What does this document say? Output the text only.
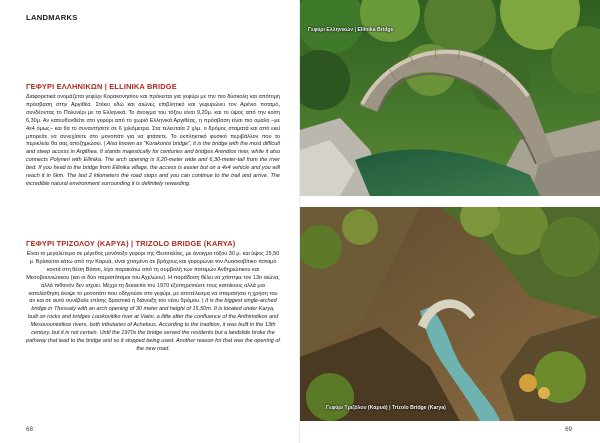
LANDMARKS
ΓΕΦΥΡΙ ΕΛΛΗΝΙΚΩΝ | ELLINIKA BRIDGE

Διαφορετικά ονομάζεται γεφύρι Κορακονησίου και πρόκειται για γεφύρι με την πιο δύσκολη και απότομη πρόσβαση στην Αργιθέα. Στέκει εδώ και αιώνες επιβλητικό και γεφυρώνει τον Αρένιο ποταμό, συνδέοντας το Πολυνέρι με τα Ελληνικά. Το άνοιγμα του τόξου είναι 9,20μ. και το ύψος από την κοίτη 6,30μ. Αν κατευθυνθείτε στο γεφύρι από το χωριό Ελληνικά Αργιθέας, η πρόσβαση είναι πιο ομαλή –με 4x4 όμως– και θα το συναντήσετε σε 6 χιλιόμετρα. Στα τελευταία 2 χλμ. ο δρόμος σταματά και από εκεί μπορείτε να συνεχίσετε στο μονοπάτι για να φτάσετε. Το εκπληκτικό φυσικό περιβάλλον που το περικλείει θα σας αποζημιώσει. | Also known as "Korakonisi bridge", it is the bridge with the most difficult and steep access in Argithea. It stands majestically for centuries and bridges Arendios river, while it also connects Polyneri with Ellinika. The arch opening is 9,20-meter wide and 6,30-meter-tall from the river bed. If you head to the bridge from Ellinika village, the access is easier but on a 4x4 vehicle and you will reach it in 6km. The last 2 kilometers the road stops and you can continue to the trail and arrive. The incredible natural environment surrounding it is definitely rewarding.

ΓΕΦΥΡΙ ΤΡΙΖΟΛΟΥ (ΚΑΡΥΑ) | TRIZOLO BRIDGE (KARYA)

Είναι το μεγαλύτερο σε μέγεθος μονότοξο γεφύρι της Θεσσαλίας, με άνοιγμα τόξου 30 μ. και ύψος 15,50 μ. Βρίσκεται κάτω από την Καρυά, είναι χτισμένο σε βράχους και γεφυρώνει τον Λυασκοβίτικο ποταμό κοντά στη θέση Βάιτσι, λίγο παρακάτω από τη συμβολή των ποταμών Ανθηριώτικου και Μεσοβουνιώτικου (και οι δύο παραπόταμοι του Αχελώου). Η παράδοση θέλει να χτίστηκε τον 13ο αιώνα, αλλά πιθανόν δεν ισχύει. Μέχρι τη δεκαετία του 1970 εξυπηρετούσε τους κατοίκους αλλά μια κατολίσθηση έκοψε το μονοπάτι που οδηγούσε στο γεφύρι, με αποτέλεσμα να σταματήσει η χρήση του αν και σε αυτό συνέβαλε επίσης δραστικά η διάνοιξη του νέου δρόμου. | It is the biggest single-arched bridge in Thessaly with an arch opening of 30 meter and height of 15,50m. It is located under Karya, built on rocks and bridges Liaskovitiko river at Vaitsi, a little after the confluence of the Anthiriotikos and Mesovouniotikos rivers, both tributaries of Achelous. According to the tradition, it was built in the 13th century, but it is not certain. Until the 1970s the bridge served the residents but a landslide broke the pathway that lead to the bridge and so it stopped being used. Another reason for that was the opening of the new road.

68	69
Γεφύρι Ελληνικών | Ellinika Bridge
Γεφύρι Τριζόλου (Καρυά) | Trizolo Bridge (Karya)
